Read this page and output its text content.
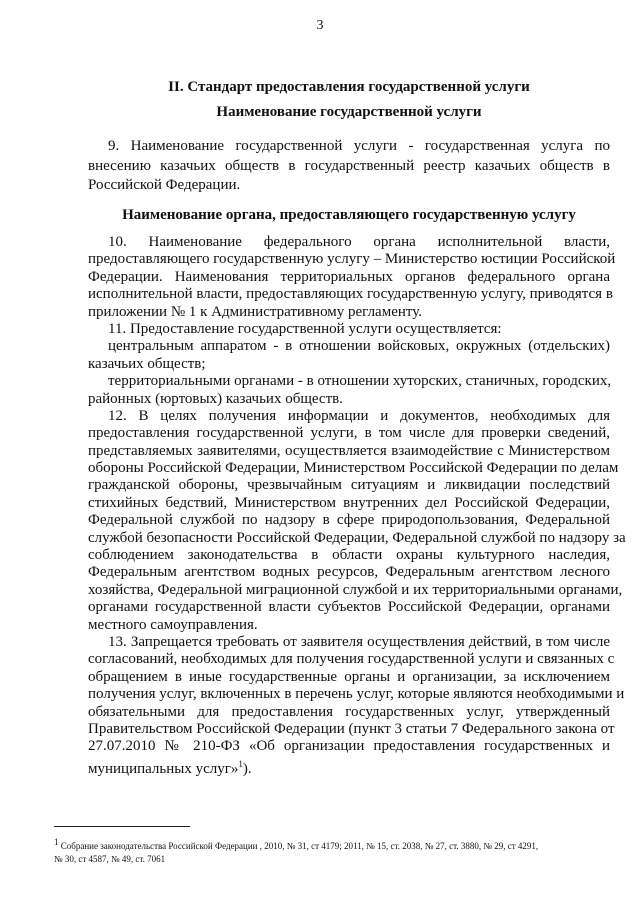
3
II. Стандарт предоставления государственной услуги
Наименование государственной услуги
9. Наименование государственной услуги - государственная услуга по
внесению казачьих обществ в государственный реестр казачьих обществ в
Российской Федерации.
Наименование органа, предоставляющего государственную услугу
10. Наименование федерального органа исполнительной власти,
предоставляющего государственную услугу – Министерство юстиции Российской
Федерации. Наименования территориальных органов федерального органа
исполнительной власти, предоставляющих государственную услугу, приводятся в
приложении № 1 к Административному регламенту.
11. Предоставление государственной услуги осуществляется:
центральным аппаратом - в отношении войсковых, окружных (отдельских)
казачьих обществ;
территориальными органами - в отношении хуторских, станичных, городских,
районных (юртовых) казачьих обществ.
12. В целях получения информации и документов, необходимых для
предоставления государственной услуги, в том числе для проверки сведений,
представляемых заявителями, осуществляется взаимодействие с Министерством
обороны Российской Федерации, Министерством Российской Федерации по делам
гражданской обороны, чрезвычайным ситуациям и ликвидации последствий
стихийных бедствий, Министерством внутренних дел Российской Федерации,
Федеральной службой по надзору в сфере природопользования, Федеральной
службой безопасности Российской Федерации, Федеральной службой по надзору за
соблюдением законодательства в области охраны культурного наследия,
Федеральным агентством водных ресурсов, Федеральным агентством лесного
хозяйства, Федеральной миграционной службой и их территориальными органами,
органами государственной власти субъектов Российской Федерации, органами
местного самоуправления.
13. Запрещается требовать от заявителя осуществления действий, в том числе
согласований, необходимых для получения государственной услуги и связанных с
обращением в иные государственные органы и организации, за исключением
получения услуг, включенных в перечень услуг, которые являются необходимыми и
обязательными для предоставления государственных услуг, утвержденный
Правительством Российской Федерации (пункт 3 статьи 7 Федерального закона от
27.07.2010 № 210-ФЗ «Об организации предоставления государственных и
муниципальных услуг»$^1$).
$^1$ Собрание законодательства Российской Федерации , 2010, № 31, ст 4179; 2011, № 15, ст. 2038, № 27, ст. 3880, № 29, ст 4291,
№ 30, ст 4587, № 49, ст. 7061
